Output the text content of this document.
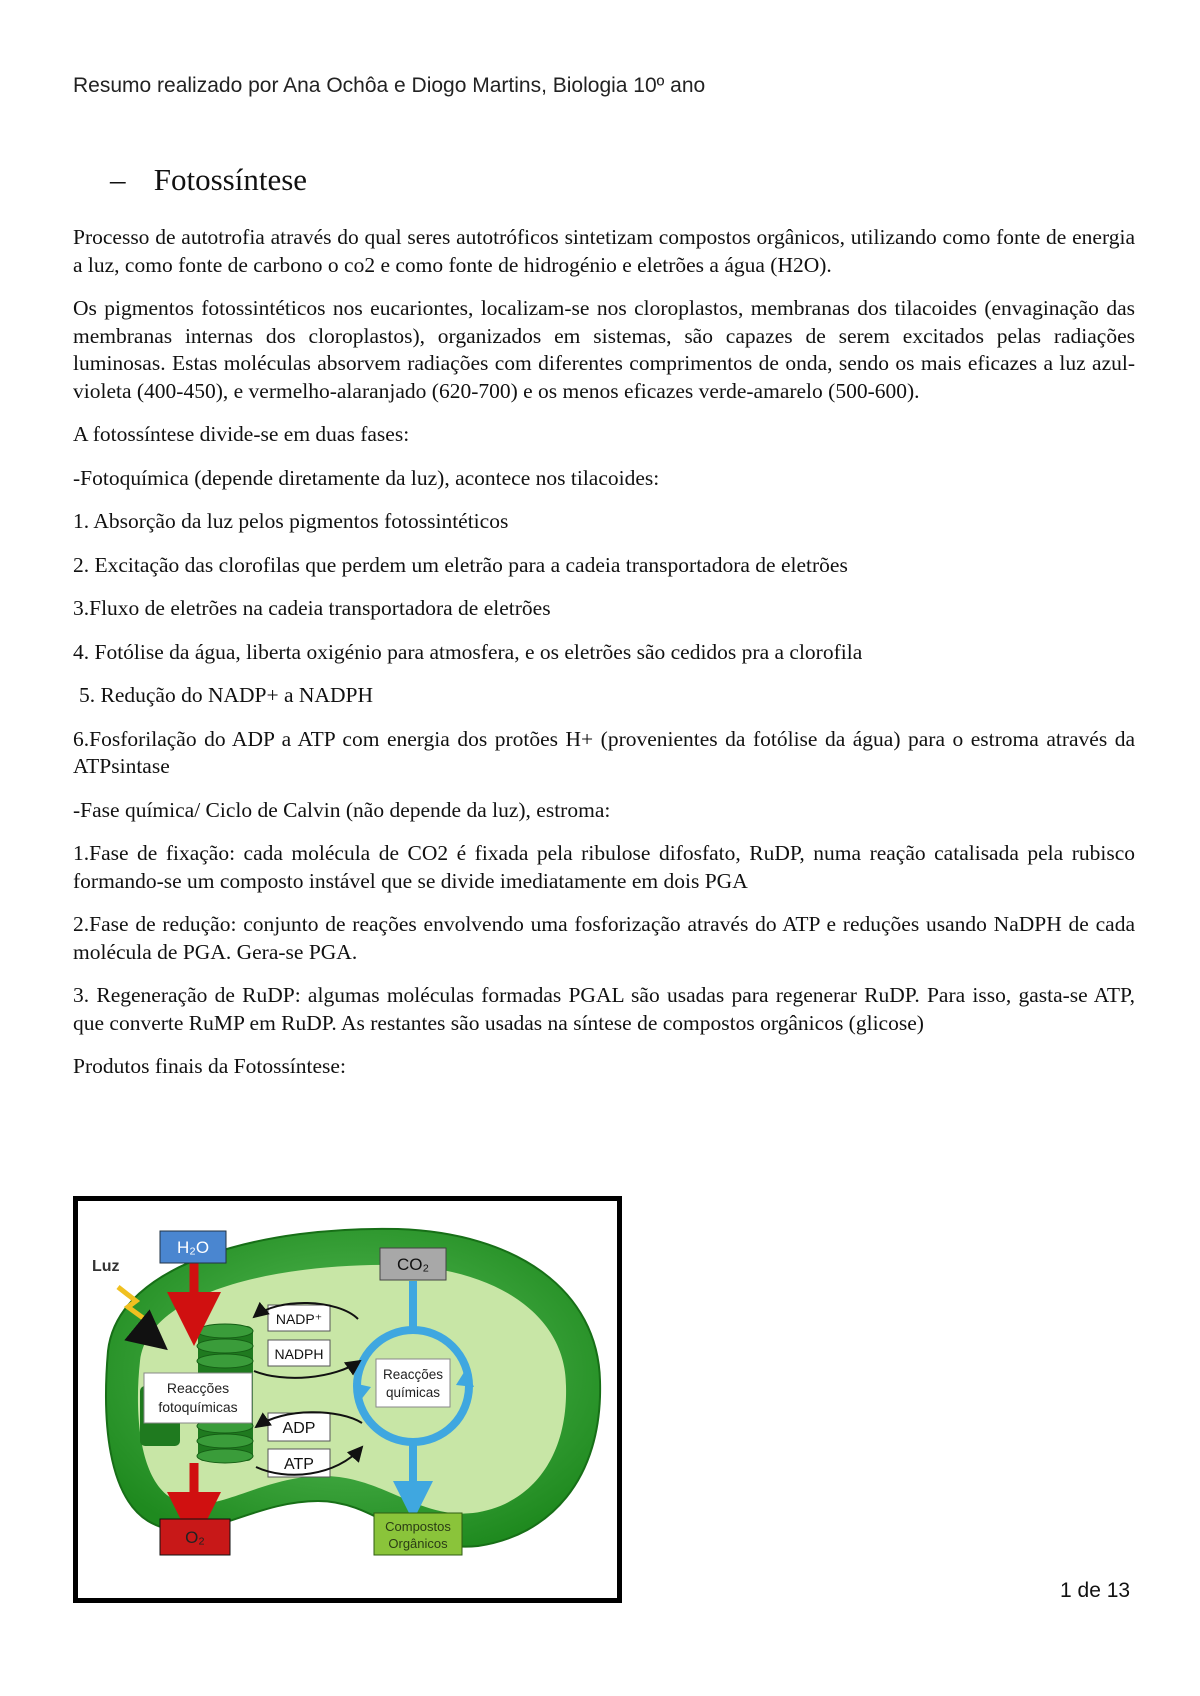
Resumo realizado por Ana Ochôa e Diogo Martins, Biologia 10º ano
– Fotossíntese

Processo de autotrofia através do qual seres autotróficos sintetizam compostos orgânicos, utilizando como fonte de energia a luz, como fonte de carbono o co2 e como fonte de hidrogénio e eletrões a água (H2O).

Os pigmentos fotossintéticos nos eucariontes, localizam-se nos cloroplastos, membranas dos tilacoides (envaginação das membranas internas dos cloroplastos), organizados em sistemas, são capazes de serem excitados pelas radiações luminosas. Estas moléculas absorvem radiações com diferentes comprimentos de onda, sendo os mais eficazes a luz azul-violeta (400-450), e vermelho-alaranjado (620-700) e os menos eficazes verde-amarelo (500-600).

A fotossíntese divide-se em duas fases:

-Fotoquímica (depende diretamente da luz), acontece nos tilacoides:

1. Absorção da luz pelos pigmentos fotossintéticos

2. Excitação das clorofilas que perdem um eletrão para a cadeia transportadora de eletrões

3.Fluxo de eletrões na cadeia transportadora de eletrões

4. Fotólise da água, liberta oxigénio para atmosfera, e os eletrões são cedidos pra a clorofila

5. Redução do NADP+ a NADPH

6.Fosforilação do ADP a ATP com energia dos protões H+ (provenientes da fotólise da água) para o estroma através da ATPsintase

-Fase química/ Ciclo de Calvin (não depende da luz), estroma:

1.Fase de fixação: cada molécula de CO2 é fixada pela ribulose difosfato, RuDP, numa reação catalisada pela rubisco formando-se um composto instável que se divide imediatamente em dois PGA

2.Fase de redução: conjunto de reações envolvendo uma fosforização através do ATP e reduções usando NaDPH de cada molécula de PGA. Gera-se PGA.

3. Regeneração de RuDP: algumas moléculas formadas PGAL são usadas para regenerar RuDP. Para isso, gasta-se ATP, que converte RuMP em RuDP. As restantes são usadas na síntese de compostos orgânicos (glicose)

Produtos finais da Fotossíntese:

Reacções
fotoquímicas
H₂O
Luz	CO₂
Reacções
químicas
NADP⁺
NADPH
ADP
ATP
O₂
Compostos
Orgânicos
1 de 13
